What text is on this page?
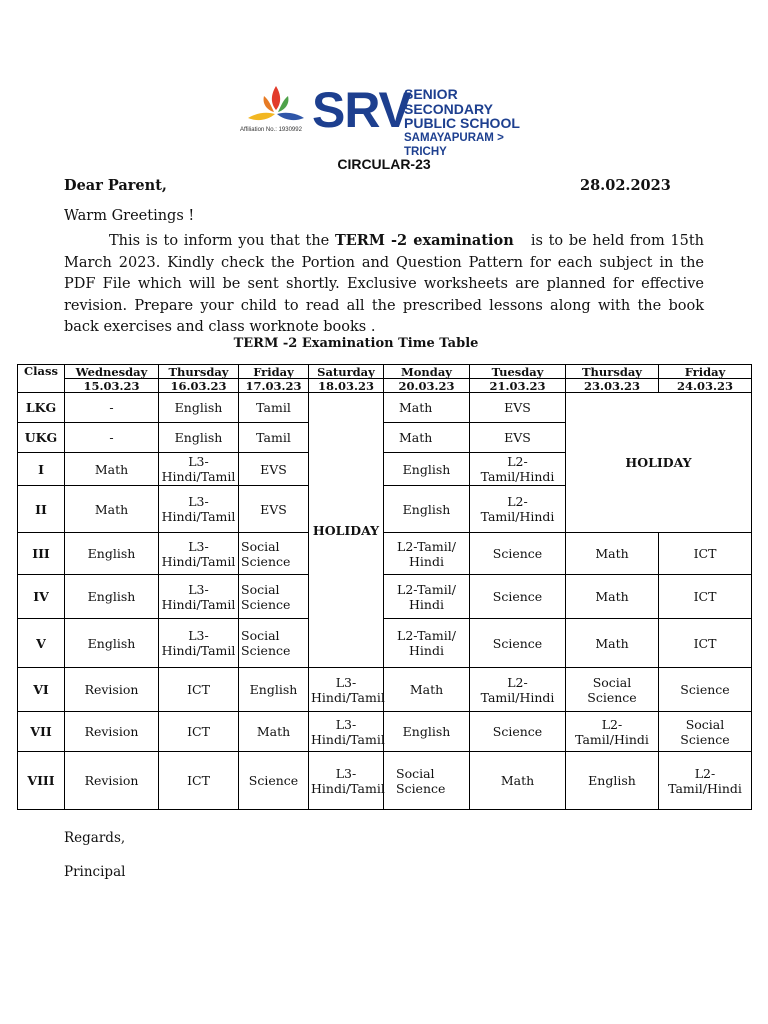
Affiliation No.: 1930992 SRV
SENIOR SECONDARY
PUBLIC SCHOOL
SAMAYAPURAM > TRICHY
CIRCULAR-23
Dear Parent,	28.02.2023
Warm Greetings !
This is to inform you that the TERM -2 examination   is to be held from 15th March 2023. Kindly check the Portion and Question Pattern for each subject in the PDF File which will be sent shortly. Exclusive worksheets are planned for effective revision. Prepare your child to read all the prescribed lessons along with the book back exercises and class worknote books .
TERM -2 Examination Time Table
Class	Wednesday	Thursday	Friday	Saturday	Monday	Tuesday	Thursday	Friday
	15.03.23	16.03.23	17.03.23	18.03.23	20.03.23	21.03.23	23.03.23	24.03.23
LKG	-	English	Tamil	HOLIDAY	Math	EVS	HOLIDAY	
UKG	-	English	Tamil		Math	EVS		
I	Math	L3-Hindi/Tamil	EVS		English	L2-Tamil/Hindi		
II	Math	L3-Hindi/Tamil	EVS		English	L2-Tamil/Hindi		
III	English	L3-Hindi/Tamil	Social Science		L2-Tamil/ Hindi	Science	Math	ICT
IV	English	L3-Hindi/Tamil	Social Science		L2-Tamil/ Hindi	Science	Math	ICT
V	English	L3-Hindi/Tamil	Social Science		L2-Tamil/ Hindi	Science	Math	ICT
VI	Revision	ICT	English	L3-Hindi/Tamil	Math	L2-Tamil/Hindi	Social Science	Science
VII	Revision	ICT	Math	L3-Hindi/Tamil	English	Science	L2-Tamil/Hindi	Social Science
VIII	Revision	ICT	Science	L3-Hindi/Tamil	Social Science	Math	English	L2-Tamil/Hindi
Regards,
Principal
